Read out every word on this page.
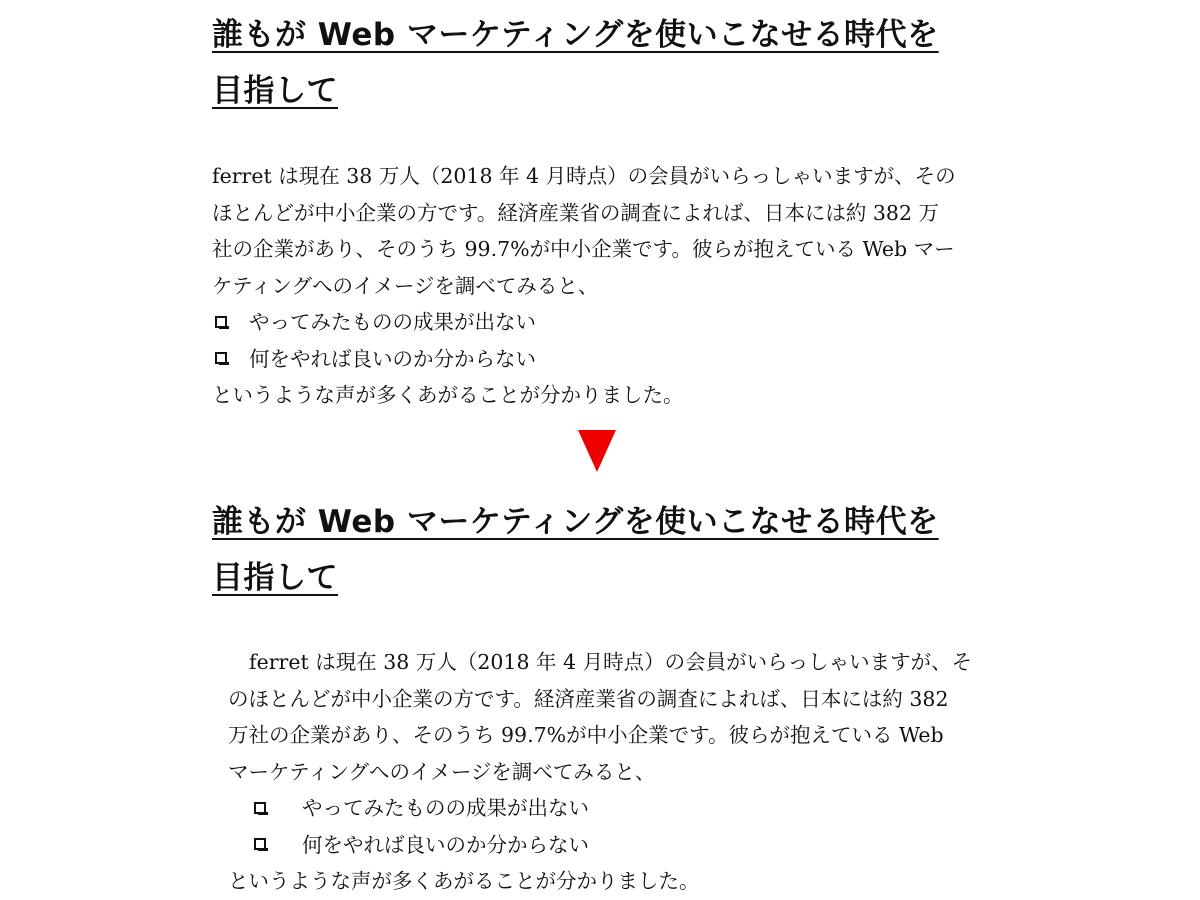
誰もが Web マーケティングを使いこなせる時代を
目指して
ferret は現在 38 万人（2018 年 4 月時点）の会員がいらっしゃいますが、その
ほとんどが中小企業の方です。経済産業省の調査によれば、日本には約 382 万
社の企業があり、そのうち 99.7%が中小企業です。彼らが抱えている Web マー
ケティングへのイメージを調べてみると、
やってみたものの成果が出ない
何をやれば良いのか分からない
というような声が多くあがることが分かりました。
誰もが Web マーケティングを使いこなせる時代を
目指して
ferret は現在 38 万人（2018 年 4 月時点）の会員がいらっしゃいますが、そ
のほとんどが中小企業の方です。経済産業省の調査によれば、日本には約 382
万社の企業があり、そのうち 99.7%が中小企業です。彼らが抱えている Web
マーケティングへのイメージを調べてみると、
やってみたものの成果が出ない
何をやれば良いのか分からない
というような声が多くあがることが分かりました。
